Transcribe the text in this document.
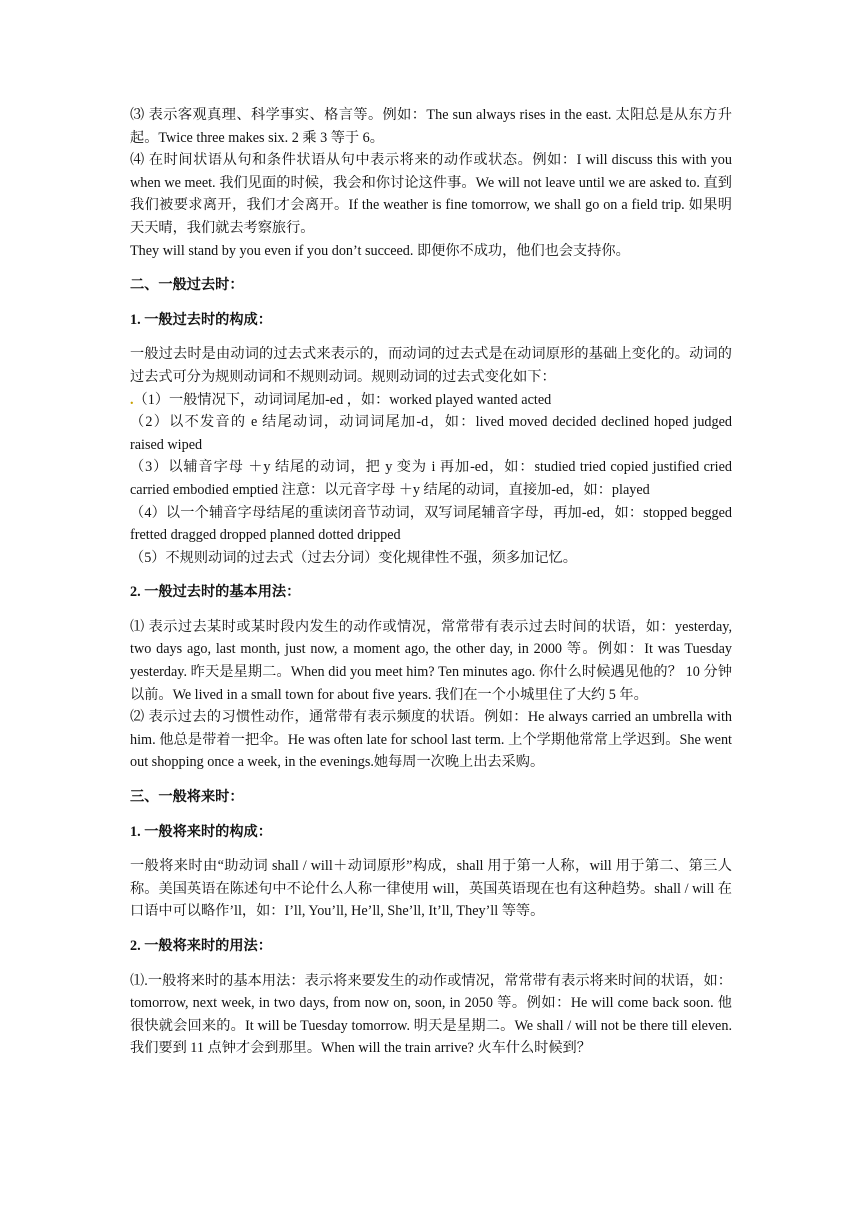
⑶ 表示客观真理、科学事实、格言等。例如：The sun always rises in the east. 太阳总是从东方升起。Twice three makes six. 2 乘 3 等于 6。

⑷ 在时间状语从句和条件状语从句中表示将来的动作或状态。例如：I will discuss this with you when we meet. 我们见面的时候，我会和你讨论这件事。We will not leave until we are asked to. 直到我们被要求离开，我们才会离开。If the weather is fine tomorrow, we shall go on a field trip. 如果明天天晴，我们就去考察旅行。

They will stand by you even if you don’t succeed. 即便你不成功，他们也会支持你。

二、一般过去时：

1. 一般过去时的构成：

一般过去时是由动词的过去式来表示的，而动词的过去式是在动词原形的基础上变化的。动词的过去式可分为规则动词和不规则动词。规则动词的过去式变化如下：

.（1）一般情况下，动词词尾加-ed ，如：worked played wanted acted

（2）以不发音的 e 结尾动词，动词词尾加-d，如：lived moved decided declined hoped judged raised wiped

（3）以辅音字母 ＋y 结尾的动词，把 y 变为 i 再加-ed，如：studied tried copied justified cried carried embodied emptied 注意：以元音字母 ＋y 结尾的动词，直接加-ed，如：played

（4）以一个辅音字母结尾的重读闭音节动词，双写词尾辅音字母，再加-ed，如：stopped begged fretted dragged dropped planned dotted dripped

（5）不规则动词的过去式（过去分词）变化规律性不强，须多加记忆。

2. 一般过去时的基本用法：

⑴ 表示过去某时或某时段内发生的动作或情况，常常带有表示过去时间的状语，如：yesterday, two days ago, last month, just now, a moment ago, the other day, in 2000 等。例如：It was Tuesday yesterday. 昨天是星期二。When did you meet him? Ten minutes ago. 你什么时候遇见他的？ 10 分钟以前。We lived in a small town for about five years. 我们在一个小城里住了大约 5 年。

⑵ 表示过去的习惯性动作，通常带有表示频度的状语。例如：He always carried an umbrella with him. 他总是带着一把伞。He was often late for school last term. 上个学期他常常上学迟到。She went out shopping once a week, in the evenings.她每周一次晚上出去采购。

三、一般将来时：

1. 一般将来时的构成：

一般将来时由“助动词 shall / will＋动词原形”构成，shall 用于第一人称，will 用于第二、第三人称。美国英语在陈述句中不论什么人称一律使用 will，英国英语现在也有这种趋势。shall / will 在口语中可以略作’ll，如：I’ll, You’ll, He’ll, She’ll, It’ll, They’ll 等等。

2. 一般将来时的用法：

⑴.一般将来时的基本用法：表示将来要发生的动作或情况，常常带有表示将来时间的状语，如：tomorrow, next week, in two days, from now on, soon, in 2050 等。例如：He will come back soon. 他很快就会回来的。It will be Tuesday tomorrow. 明天是星期二。We shall / will not be there till eleven. 我们要到 11 点钟才会到那里。When will the train arrive? 火车什么时候到？
